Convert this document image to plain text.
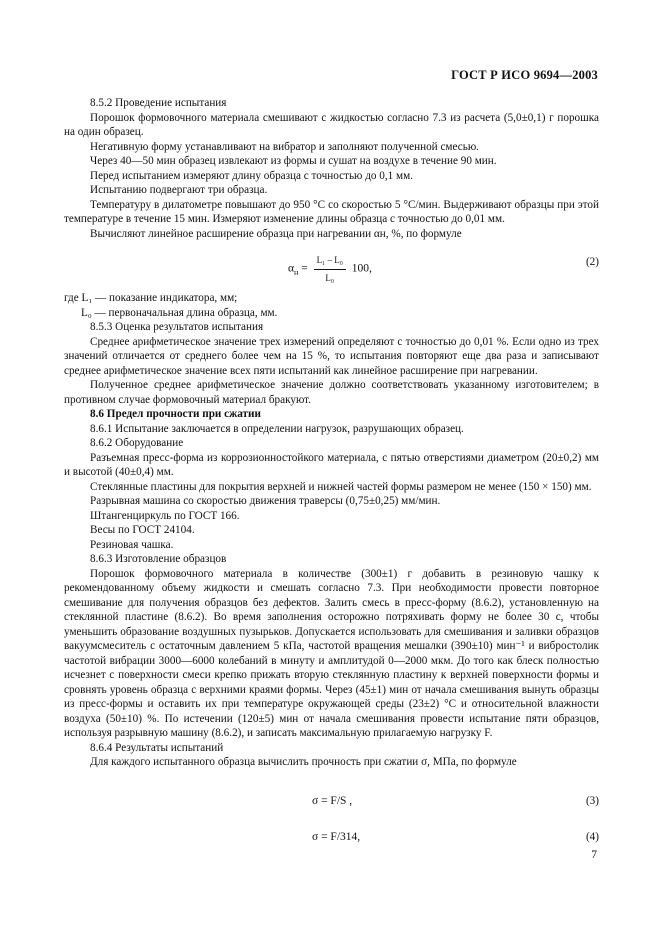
ГОСТ Р ИСО 9694—2003

8.5.2 Проведение испытания

Порошок формовочного материала смешивают с жидкостью согласно 7.3 из расчета (5,0±0,1) г порошка на один образец.

Негативную форму устанавливают на вибратор и заполняют полученной смесью.

Через 40—50 мин образец извлекают из формы и сушат на воздухе в течение 90 мин.

Перед испытанием измеряют длину образца с точностью до 0,1 мм.

Испытанию подвергают три образца.

Температуру в дилатометре повышают до 950 °С со скоростью 5 °С/мин. Выдерживают образцы при этой температуре в течение 15 мин. Измеряют изменение длины образца с точностью до 0,01 мм.

Вычисляют линейное расширение образца при нагревании αн, %, по формуле

$\alpha_н = \frac{\text{L₁ – L₀}}{\text{L₀}} 100$,
(2)

где L₁ — показание индикатора, мм;

L₀ — первоначальная длина образца, мм.

8.5.3 Оценка результатов испытания

Среднее арифметическое значение трех измерений определяют с точностью до 0,01 %. Если одно из трех значений отличается от среднего более чем на 15 %, то испытания повторяют еще два раза и записывают среднее арифметическое значение всех пяти испытаний как линейное расширение при нагревании.

Полученное среднее арифметическое значение должно соответствовать указанному изготовителем; в противном случае формовочный материал бракуют.

8.6 Предел прочности при сжатии

8.6.1 Испытание заключается в определении нагрузок, разрушающих образец.

8.6.2 Оборудование

Разъемная пресс-форма из коррозионностойкого материала, с пятью отверстиями диаметром (20±0,2) мм и высотой (40±0,4) мм.

Стеклянные пластины для покрытия верхней и нижней частей формы размером не менее (150 × 150) мм.

Разрывная машина со скоростью движения траверсы (0,75±0,25) мм/мин.

Штангенциркуль по ГОСТ 166.

Весы по ГОСТ 24104.

Резиновая чашка.

8.6.3 Изготовление образцов

Порошок формовочного материала в количестве (300±1) г добавить в резиновую чашку к рекомендованному объему жидкости и смешать согласно 7.3. При необходимости провести повторное смешивание для получения образцов без дефектов. Залить смесь в пресс-форму (8.6.2), установленную на стеклянной пластине (8.6.2). Во время заполнения осторожно потряхивать форму не более 30 с, чтобы уменьшить образование воздушных пузырьков. Допускается использовать для смешивания и заливки образцов вакуумсмеситель с остаточным давлением 5 кПа, частотой вращения мешалки (390±10) мин⁻¹ и вибростолик частотой вибрации 3000—6000 колебаний в минуту и амплитудой 0—2000 мкм. До того как блеск полностью исчезнет с поверхности смеси крепко прижать вторую стеклянную пластину к верхней поверхности формы и сровнять уровень образца с верхними краями формы. Через (45±1) мин от начала смешивания вынуть образцы из пресс-формы и оставить их при температуре окружающей среды (23±2) °С и относительной влажности воздуха (50±10) %. По истечении (120±5) мин от начала смешивания провести испытание пяти образцов, используя разрывную машину (8.6.2), и записать максимальную прилагаемую нагрузку F.

8.6.4 Результаты испытаний

Для каждого испытанного образца вычислить прочность при сжатии σ, МПа, по формуле

σ = F/S ,	(3)
σ = F/314,	(4)
7
